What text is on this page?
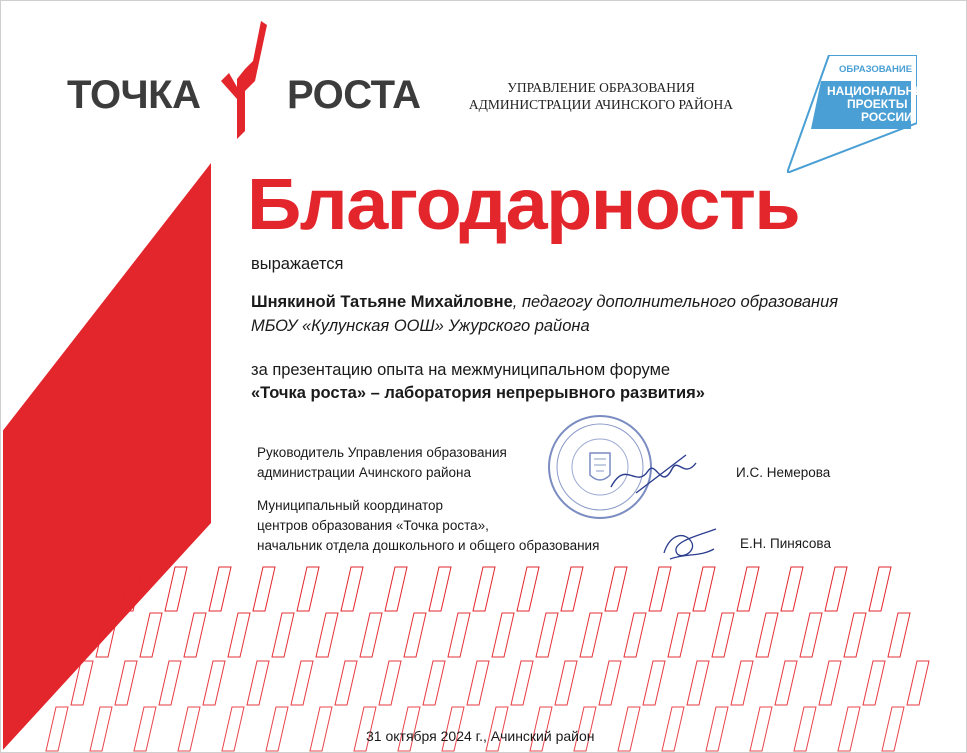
ТОЧКА РОСТА	УПРАВЛЕНИЕ ОБРАЗОВАНИЯ
АДМИНИСТРАЦИИ АЧИНСКОГО РАЙОНА
ОБРАЗОВАНИЕ
НАЦИОНАЛЬНЫЕ
ПРОЕКТЫ
РОССИИ
Благодарность
выражается
Шнякиной Татьяне Михайловне, педагогу дополнительного образования
МБОУ «Кулунская ООШ» Ужурского района
за презентацию опыта на межмуниципальном форуме
«Точка роста» – лаборатория непрерывного развития»
Руководитель Управления образования
администрации Ачинского района	И.С. Немерова
Муниципальный координатор
центров образования «Точка роста»,
начальник отдела дошкольного и общего образования	Е.Н. Пинясова
31 октября 2024 г., Ачинский район
